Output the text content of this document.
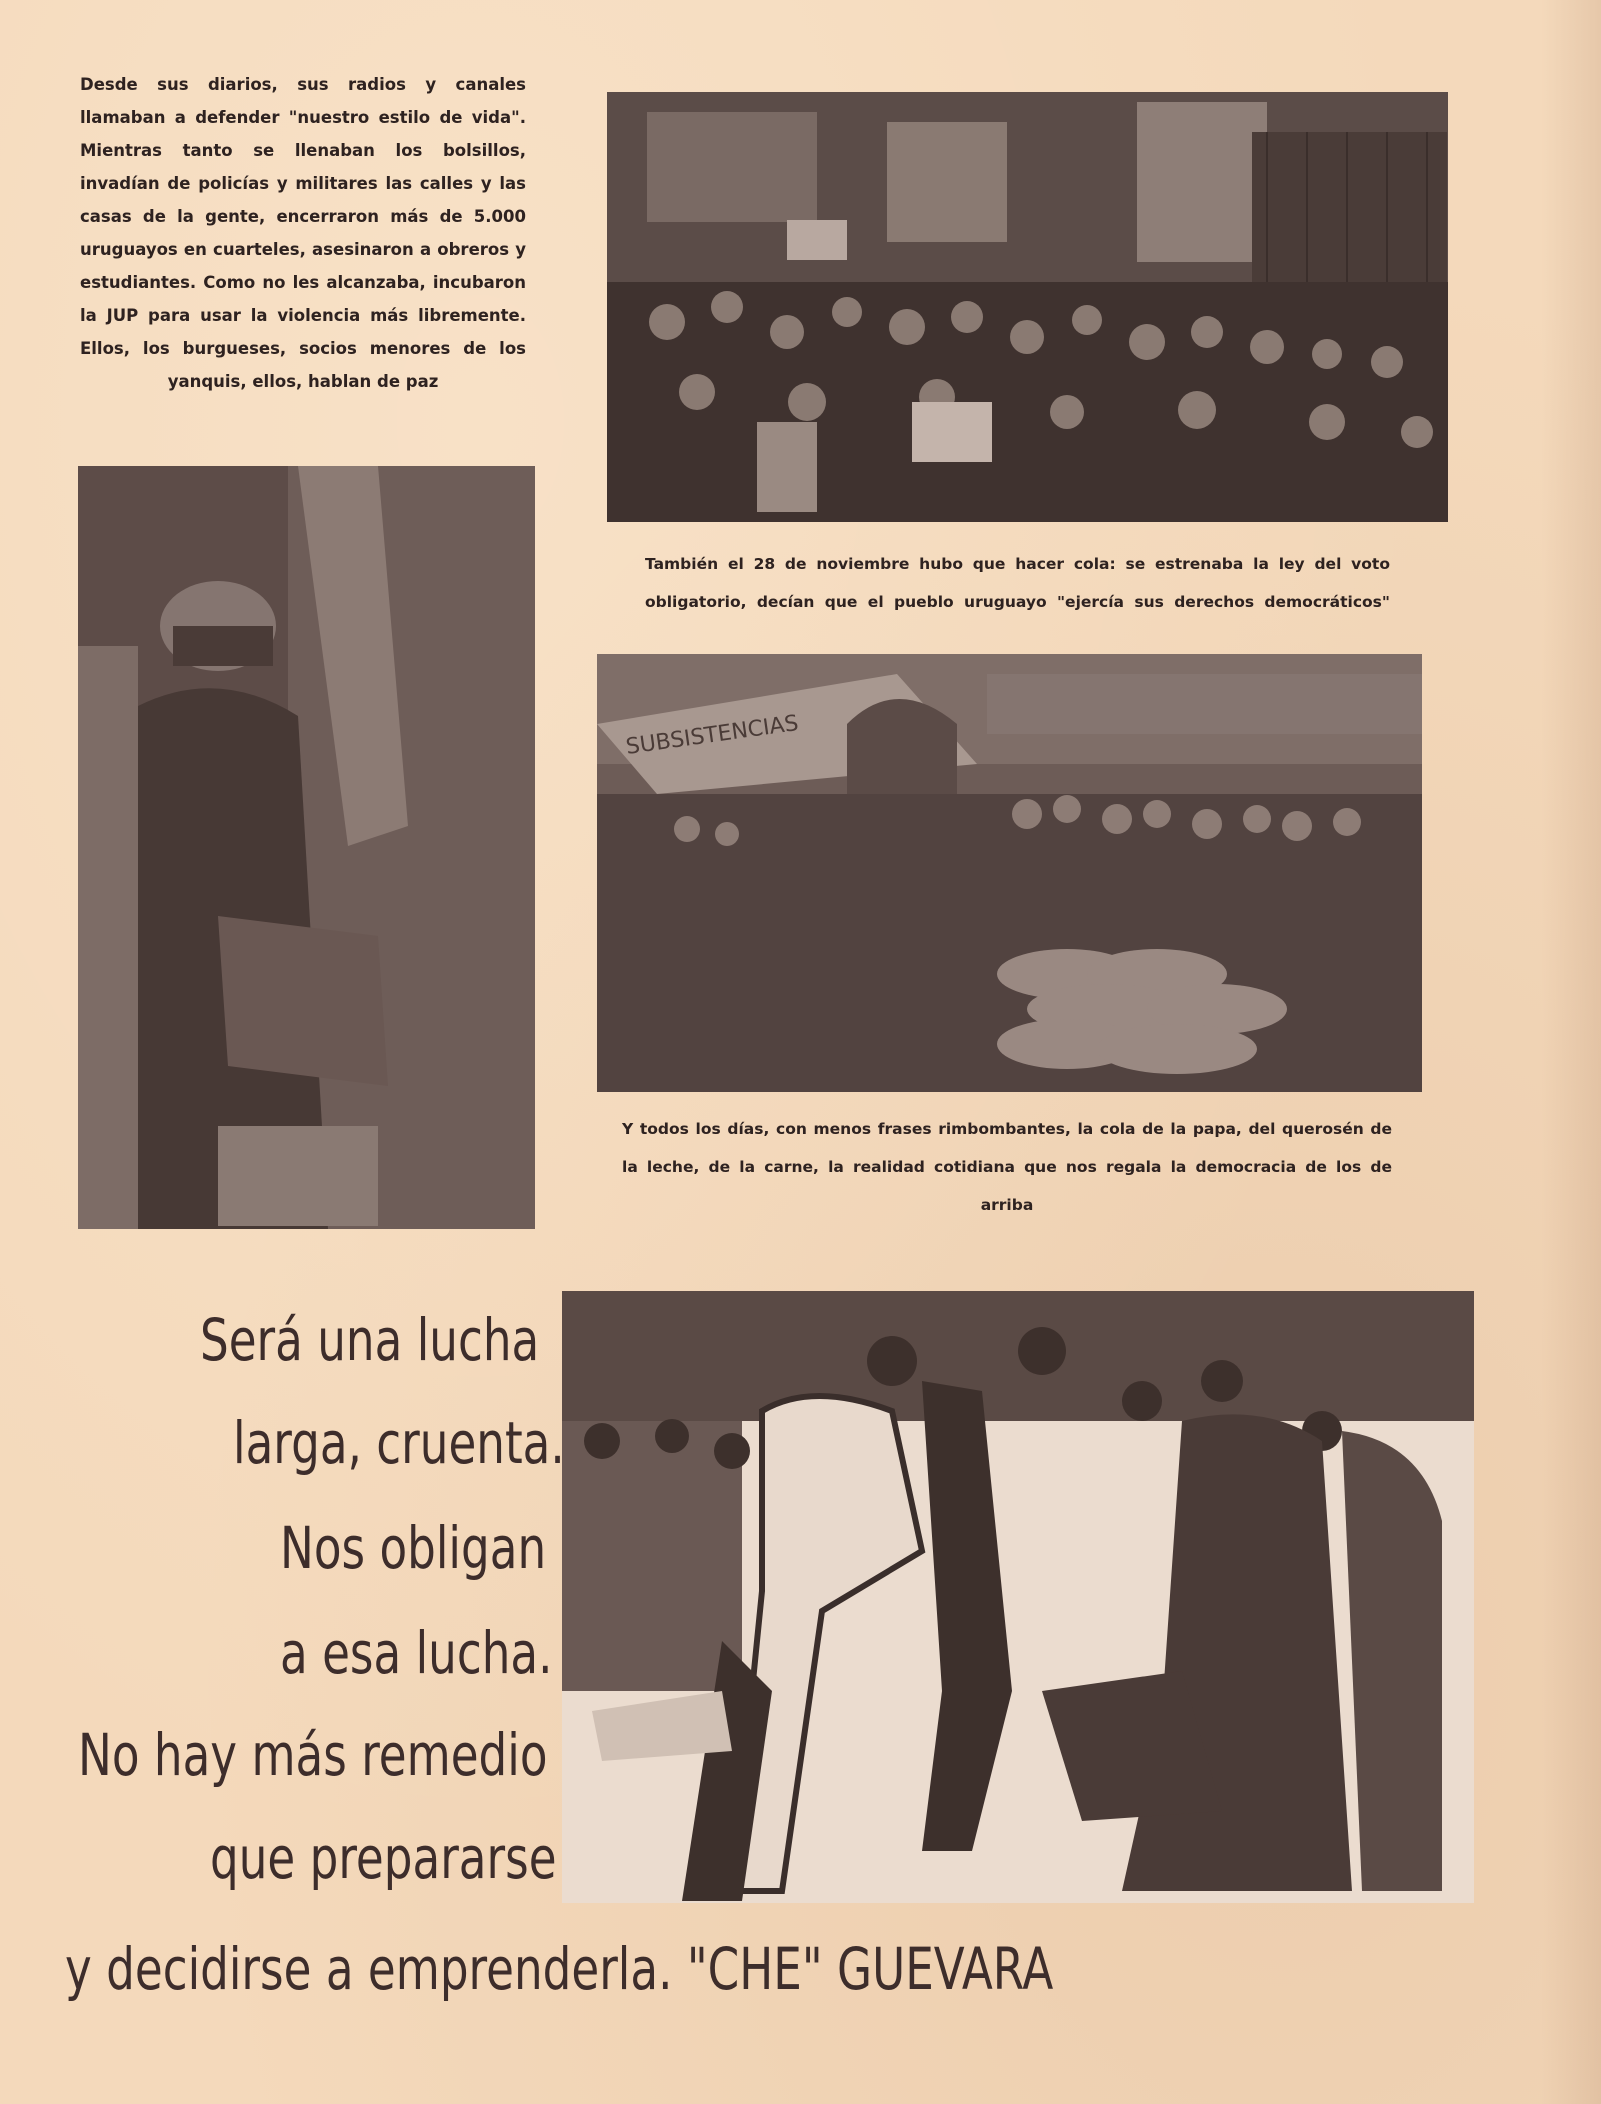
Desde sus diarios, sus radios y canales llamaban a defender "nuestro estilo de vida". Mientras tanto se llenaban los bolsillos, invadían de policías y militares las calles y las casas de la gente, encerraron más de 5.000 uruguayos en cuarteles, asesinaron a obreros y estudiantes. Como no les alcanzaba, incubaron la JUP para usar la violencia más libremente. Ellos, los burgueses, socios menores de los yanquis, ellos, hablan de paz

También el 28 de noviembre hubo que hacer cola: se estrenaba la ley del voto obligatorio, decían que el pueblo uruguayo "ejercía sus derechos democráticos"

SUBSISTENCIAS

Y todos los días, con menos frases rimbombantes, la cola de la papa, del querosén de la leche, de la carne, la realidad cotidiana que nos regala la democracia de los de arriba

Será una lucha
larga, cruenta.
Nos obligan
a esa lucha.
No hay más remedio
que prepararse
y decidirse a emprenderla. "CHE" GUEVARA
